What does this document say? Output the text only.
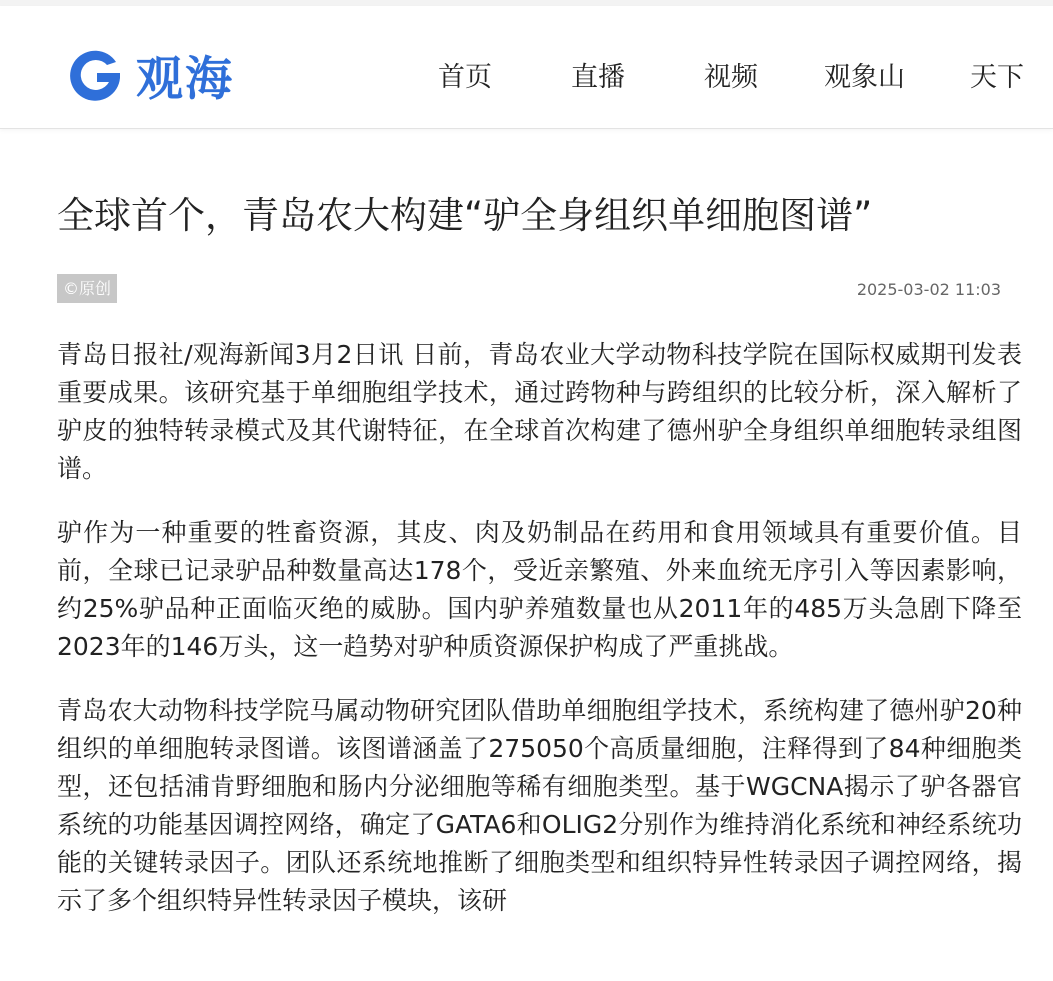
观海	首页	直播	视频 观象山 天下
全球首个，青岛农大构建“驴全身组织单细胞图谱”
©原创	2025-03-02 11:03

青岛日报社/观海新闻3月2日讯 日前，青岛农业大学动物科技学院在国际权威期刊发表重要成果。该研究基于单细胞组学技术，通过跨物种与跨组织的比较分析，深入解析了驴皮的独特转录模式及其代谢特征，在全球首次构建了德州驴全身组织单细胞转录组图谱。

驴作为一种重要的牲畜资源，其皮、肉及奶制品在药用和食用领域具有重要价值。目前，全球已记录驴品种数量高达178个，受近亲繁殖、外来血统无序引入等因素影响，约25%驴品种正面临灭绝的威胁。国内驴养殖数量也从2011年的485万头急剧下降至2023年的146万头，这一趋势对驴种质资源保护构成了严重挑战。

青岛农大动物科技学院马属动物研究团队借助单细胞组学技术，系统构建了德州驴20种组织的单细胞转录图谱。该图谱涵盖了275050个高质量细胞，注释得到了84种细胞类型，还包括浦肯野细胞和肠内分泌细胞等稀有细胞类型。基于WGCNA揭示了驴各器官系统的功能基因调控网络，确定了GATA6和OLIG2分别作为维持消化系统和神经系统功能的关键转录因子。团队还系统地推断了细胞类型和组织特异性转录因子调控网络，揭示了多个组织特异性转录因子模块，该研
